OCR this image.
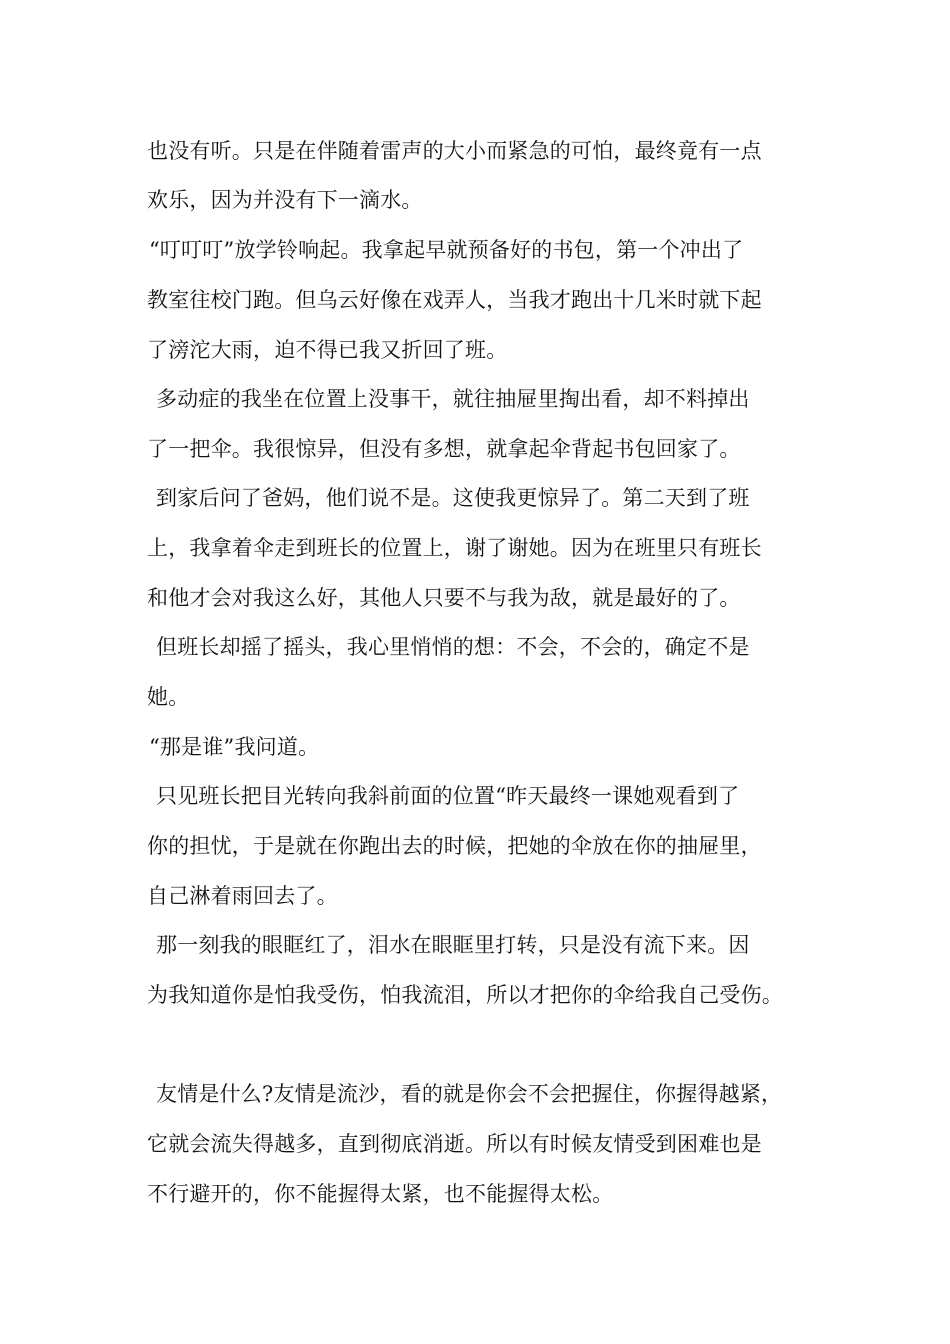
也没有听。只是在伴随着雷声的大小而紧急的可怕，最终竟有一点
欢乐，因为并没有下一滴水。
“叮叮叮”放学铃响起。我拿起早就预备好的书包，第一个冲出了
教室往校门跑。但乌云好像在戏弄人，当我才跑出十几米时就下起
了滂沱大雨，迫不得已我又折回了班。
多动症的我坐在位置上没事干，就往抽屉里掏出看，却不料掉出
了一把伞。我很惊异，但没有多想，就拿起伞背起书包回家了。
到家后问了爸妈，他们说不是。这使我更惊异了。第二天到了班
上，我拿着伞走到班长的位置上，谢了谢她。因为在班里只有班长
和他才会对我这么好，其他人只要不与我为敌，就是最好的了。
但班长却摇了摇头，我心里悄悄的想：不会，不会的，确定不是
她。
“那是谁”我问道。
只见班长把目光转向我斜前面的位置“昨天最终一课她观看到了
你的担忧，于是就在你跑出去的时候，把她的伞放在你的抽屉里，
自己淋着雨回去了。
那一刻我的眼眶红了，泪水在眼眶里打转，只是没有流下来。因
为我知道你是怕我受伤，怕我流泪，所以才把你的伞给我自己受伤。
友情是什么?友情是流沙，看的就是你会不会把握住，你握得越紧，
它就会流失得越多，直到彻底消逝。所以有时候友情受到困难也是
不行避开的，你不能握得太紧，也不能握得太松。
